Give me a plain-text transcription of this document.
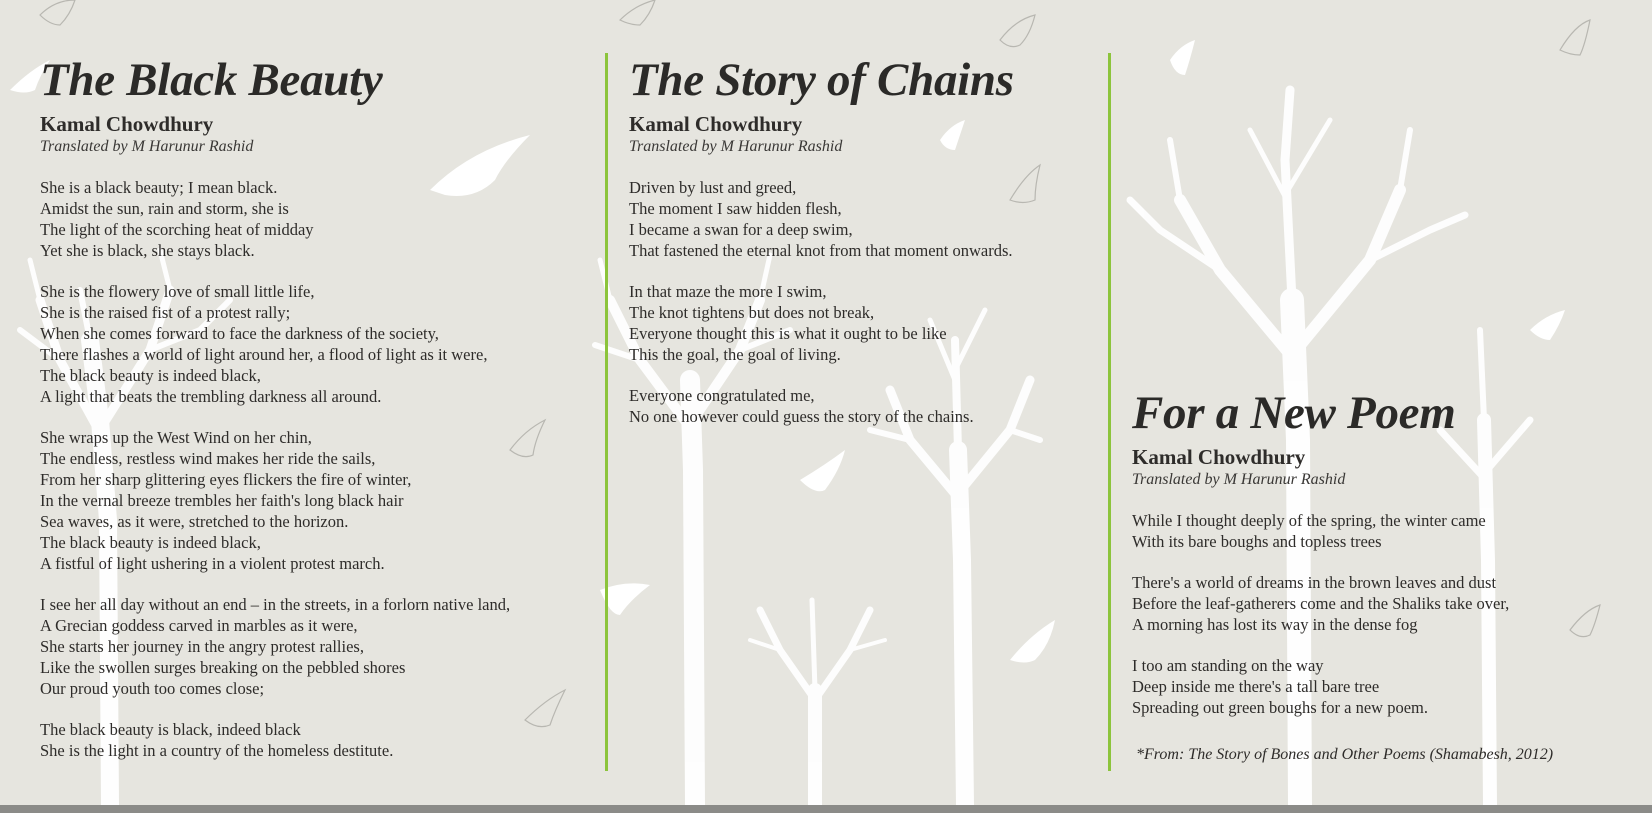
The Black Beauty
Kamal Chowdhury
Translated by M Harunur Rashid
She is a black beauty; I mean black.
Amidst the sun, rain and storm, she is
The light of the scorching heat of midday
Yet she is black, she stays black.
She is the flowery love of small little life,
She is the raised fist of a protest rally;
When she comes forward to face the darkness of the society,
There flashes a world of light around her, a flood of light as it were,
The black beauty is indeed black,
A light that beats the trembling darkness all around.
She wraps up the West Wind on her chin,
The endless, restless wind makes her ride the sails,
From her sharp glittering eyes flickers the fire of winter,
In the vernal breeze trembles her faith's long black hair
Sea waves, as it were, stretched to the horizon.
The black beauty is indeed black,
A fistful of light ushering in a violent protest march.
I see her all day without an end – in the streets, in a forlorn native land,
A Grecian goddess carved in marbles as it were,
She starts her journey in the angry protest rallies,
Like the swollen surges breaking on the pebbled shores
Our proud youth too comes close;
The black beauty is black, indeed black
She is the light in a country of the homeless destitute.
The Story of Chains
Kamal Chowdhury
Translated by M Harunur Rashid
Driven by lust and greed,
The moment I saw hidden flesh,
I became a swan for a deep swim,
That fastened the eternal knot from that moment onwards.
In that maze the more I swim,
The knot tightens but does not break,
Everyone thought this is what it ought to be like
This the goal, the goal of living.
Everyone congratulated me,
No one however could guess the story of the chains.	For a New Poem
Kamal Chowdhury
Translated by M Harunur Rashid
While I thought deeply of the spring, the winter came
With its bare boughs and topless trees
There's a world of dreams in the brown leaves and dust
Before the leaf-gatherers come and the Shaliks take over,
A morning has lost its way in the dense fog
I too am standing on the way
Deep inside me there's a tall bare tree
Spreading out green boughs for a new poem.
*From: The Story of Bones and Other Poems (Shamabesh, 2012)
